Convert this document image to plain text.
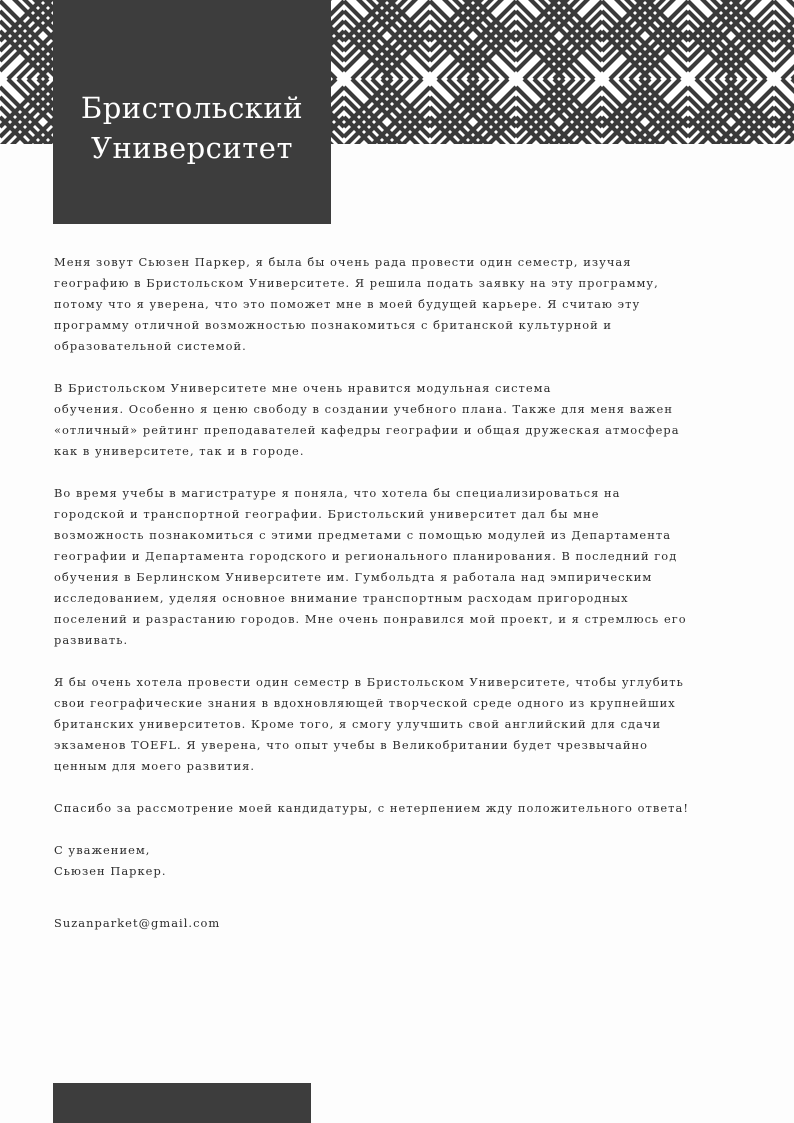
Бристольский
Университет

Меня зовут Сьюзен Паркер, я была бы очень рада провести один семестр, изучая
географию в Бристольском Университете. Я решила подать заявку на эту программу,
потому что я уверена, что это поможет мне в моей будущей карьере. Я считаю эту
программу отличной возможностью познакомиться с британской культурной и
образовательной системой.

В Бристольском Университете мне очень нравится модульная система
обучения. Особенно я ценю свободу в создании учебного плана. Также для меня важен
«отличный» рейтинг преподавателей кафедры географии и общая дружеская атмосфера
как в университете, так и в городе.

Во время учебы в магистратуре я поняла, что хотела бы специализироваться на
городской и транспортной географии. Бристольский университет дал бы мне
возможность познакомиться с этими предметами с помощью модулей из Департамента
географии и Департамента городского и регионального планирования. В последний год
обучения в Берлинском Университете им. Гумбольдта я работала над эмпирическим
исследованием, уделяя основное внимание транспортным расходам пригородных
поселений и разрастанию городов. Мне очень понравился мой проект, и я стремлюсь его
развивать.

Я бы очень хотела провести один семестр в Бристольском Университете, чтобы углубить
свои географические знания в вдохновляющей творческой среде одного из крупнейших
британских университетов. Кроме того, я смогу улучшить свой английский для сдачи
экзаменов TOEFL. Я уверена, что опыт учебы в Великобритании будет чрезвычайно
ценным для моего развития.

Спасибо за рассмотрение моей кандидатуры, с нетерпением жду положительного ответа!

С уважением,
Сьюзен Паркер.

Suzanparket@gmail.com
